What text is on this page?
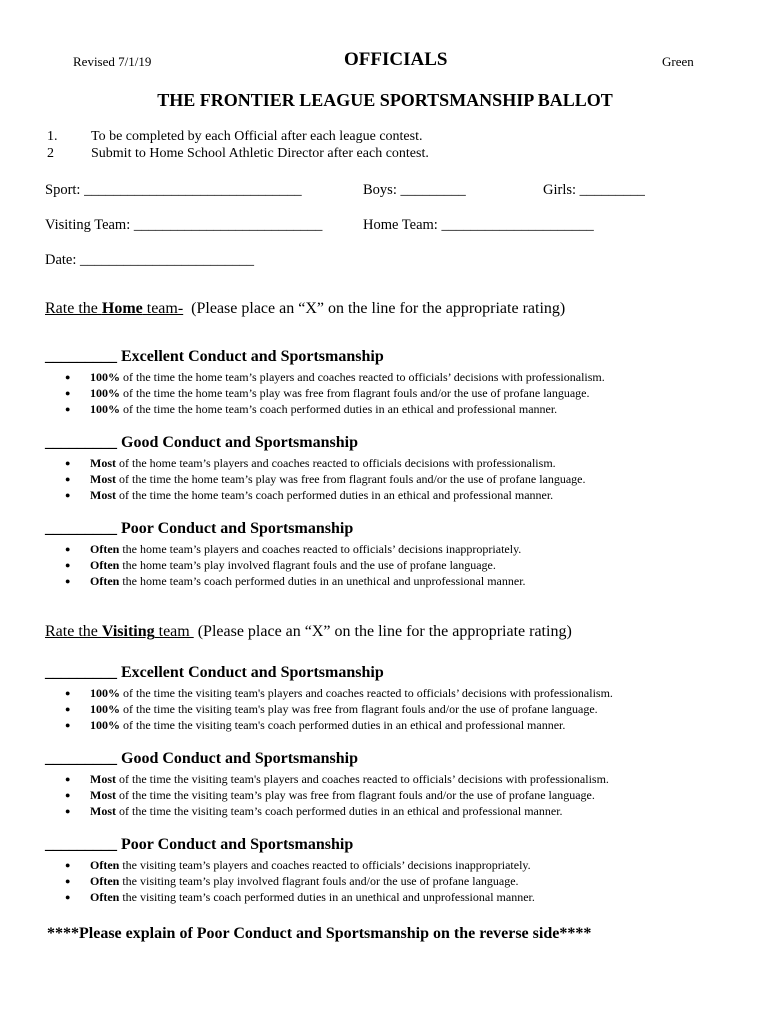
Revised 7/1/19	OFFICIALS	Green
THE FRONTIER LEAGUE SPORTSMANSHIP BALLOT
1. To be completed by each Official after each league contest.
2	Submit to Home School Athletic Director after each contest.
Sport: ______________________________	Boys: _________	Girls: _________
Visiting Team: __________________________	Home Team: _____________________
Date: ________________________
Rate the Home team-  (Please place an “X” on the line for the appropriate rating)
_________ Excellent Conduct and Sportsmanship
● 100% of the time the home team’s players and coaches reacted to officials’ decisions with professionalism.
● 100% of the time the home team’s play was free from flagrant fouls and/or the use of profane language.
● 100% of the time the home team’s coach performed duties in an ethical and professional manner.
_________ Good Conduct and Sportsmanship
● Most of the home team’s players and coaches reacted to officials decisions with professionalism.
● Most of the time the home team’s play was free from flagrant fouls and/or the use of profane language.
● Most of the time the home team’s coach performed duties in an ethical and professional manner.
_________ Poor Conduct and Sportsmanship
● Often the home team’s players and coaches reacted to officials’ decisions inappropriately.
● Often the home team’s play involved flagrant fouls and the use of profane language.
● Often the home team’s coach performed duties in an unethical and unprofessional manner.
Rate the Visiting team  (Please place an “X” on the line for the appropriate rating)
_________ Excellent Conduct and Sportsmanship
● 100% of the time the visiting team's players and coaches reacted to officials’ decisions with professionalism.
● 100% of the time the visiting team's play was free from flagrant fouls and/or the use of profane language.
● 100% of the time the visiting team's coach performed duties in an ethical and professional manner.
_________ Good Conduct and Sportsmanship
● Most of the time the visiting team's players and coaches reacted to officials’ decisions with professionalism.
● Most of the time the visiting team’s play was free from flagrant fouls and/or the use of profane language.
● Most of the time the visiting team’s coach performed duties in an ethical and professional manner.
_________ Poor Conduct and Sportsmanship
● Often the visiting team’s players and coaches reacted to officials’ decisions inappropriately.
● Often the visiting team’s play involved flagrant fouls and/or the use of profane language.
● Often the visiting team’s coach performed duties in an unethical and unprofessional manner.
****Please explain of Poor Conduct and Sportsmanship on the reverse side****
